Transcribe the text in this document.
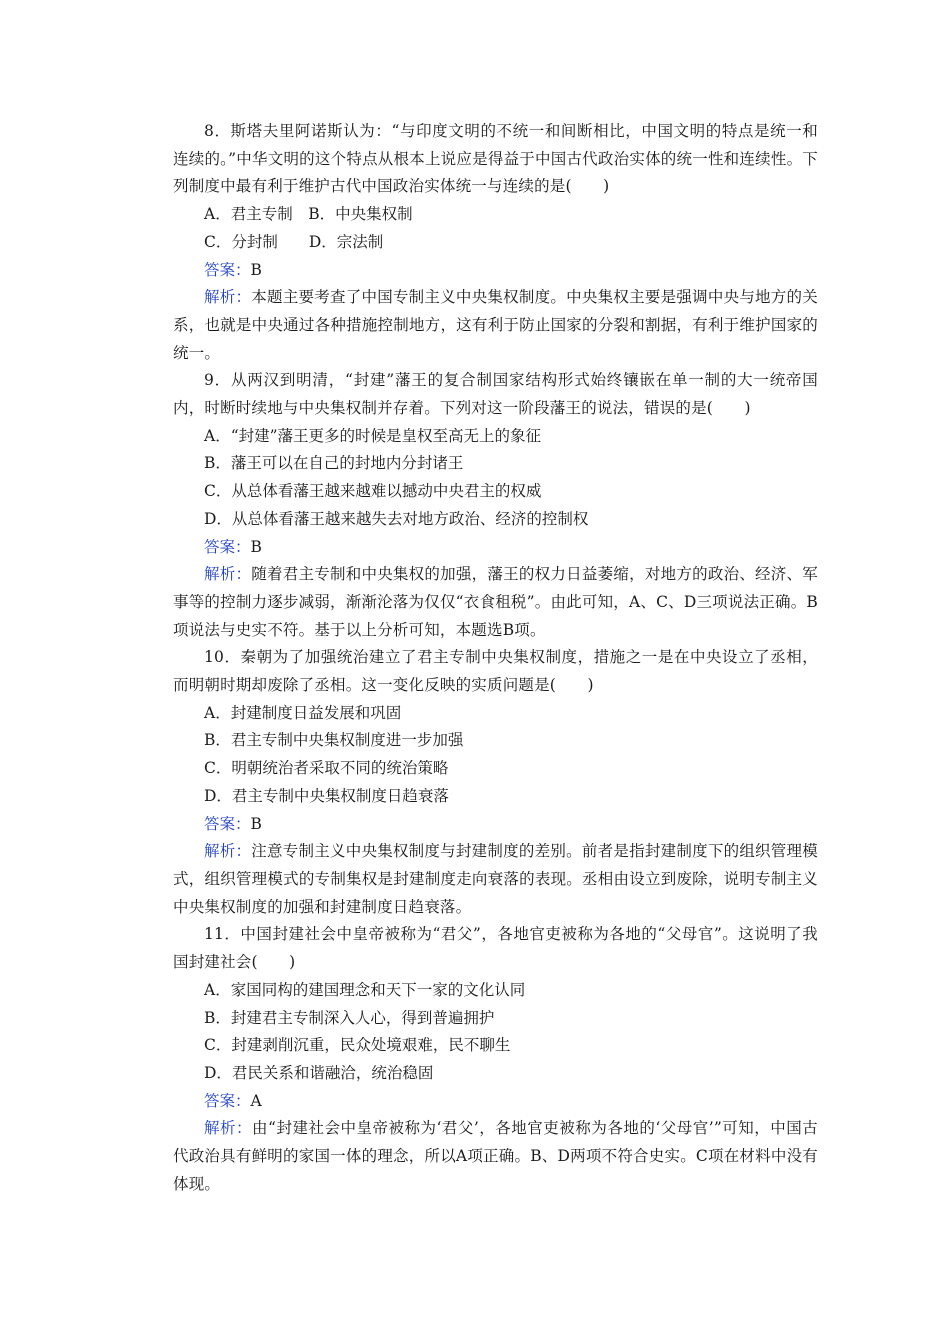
8．斯塔夫里阿诺斯认为：“与印度文明的不统一和间断相比，中国文明的特点是统一和连续的。”中华文明的这个特点从根本上说应是得益于中国古代政治实体的统一性和连续性。下列制度中最有利于维护古代中国政治实体统一与连续的是(　　)

A．君主专制　B．中央集权制

C．分封制　　D．宗法制

答案：B

解析：本题主要考查了中国专制主义中央集权制度。中央集权主要是强调中央与地方的关系，也就是中央通过各种措施控制地方，这有利于防止国家的分裂和割据，有利于维护国家的统一。

9．从两汉到明清，“封建”藩王的复合制国家结构形式始终镶嵌在单一制的大一统帝国内，时断时续地与中央集权制并存着。下列对这一阶段藩王的说法，错误的是(　　)

A．“封建”藩王更多的时候是皇权至高无上的象征

B．藩王可以在自己的封地内分封诸王

C．从总体看藩王越来越难以撼动中央君主的权威

D．从总体看藩王越来越失去对地方政治、经济的控制权

答案：B

解析：随着君主专制和中央集权的加强，藩王的权力日益萎缩，对地方的政治、经济、军事等的控制力逐步减弱，渐渐沦落为仅仅“衣食租税”。由此可知，A、C、D三项说法正确。B项说法与史实不符。基于以上分析可知，本题选B项。

10．秦朝为了加强统治建立了君主专制中央集权制度，措施之一是在中央设立了丞相，而明朝时期却废除了丞相。这一变化反映的实质问题是(　　)

A．封建制度日益发展和巩固

B．君主专制中央集权制度进一步加强

C．明朝统治者采取不同的统治策略

D．君主专制中央集权制度日趋衰落

答案：B

解析：注意专制主义中央集权制度与封建制度的差别。前者是指封建制度下的组织管理模式，组织管理模式的专制集权是封建制度走向衰落的表现。丞相由设立到废除，说明专制主义中央集权制度的加强和封建制度日趋衰落。

11．中国封建社会中皇帝被称为“君父”，各地官吏被称为各地的“父母官”。这说明了我国封建社会(　　)

A．家国同构的建国理念和天下一家的文化认同

B．封建君主专制深入人心，得到普遍拥护

C．封建剥削沉重，民众处境艰难，民不聊生

D．君民关系和谐融洽，统治稳固

答案：A

解析：由“封建社会中皇帝被称为‘君父’，各地官吏被称为各地的‘父母官’”可知，中国古代政治具有鲜明的家国一体的理念，所以A项正确。B、D两项不符合史实。C项在材料中没有体现。
